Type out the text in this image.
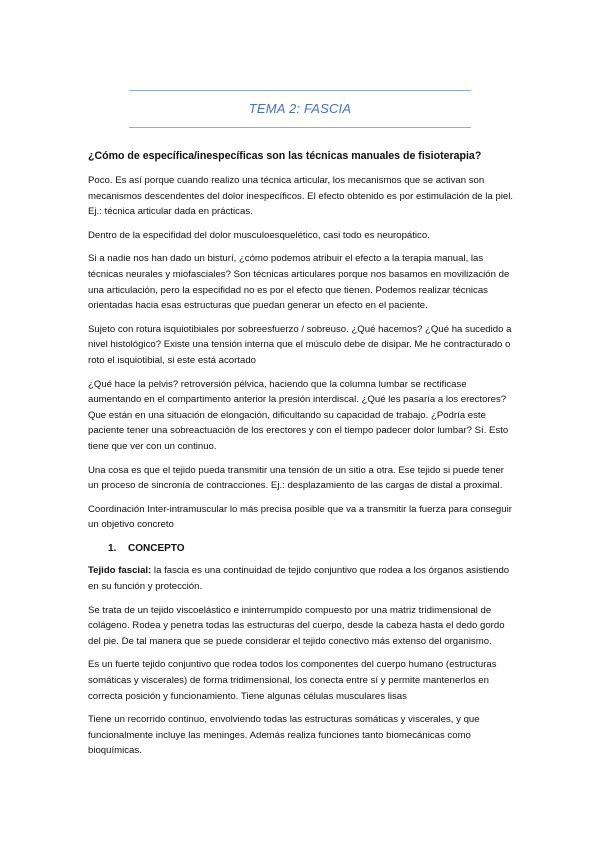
TEMA 2: FASCIA

¿Cómo de específica/inespecíficas son las técnicas manuales de fisioterapia?

Poco. Es así porque cuando realizo una técnica articular, los mecanismos que se activan son mecanismos descendentes del dolor inespecíficos. El efecto obtenido es por estimulación de la piel. Ej.: técnica articular dada en prácticas.

Dentro de la especifidad del dolor musculoesquelético, casi todo es neuropático.

Si a nadie nos han dado un bisturí, ¿cómo podemos atribuir el efecto a la terapia manual, las técnicas neurales y miofasciales? Son técnicas articulares porque nos basamos en movilización de una articulación, pero la especifidad no es por el efecto que tienen. Podemos realizar técnicas orientadas hacia esas estructuras que puedan generar un efecto en el paciente.

Sujeto con rotura isquiotibiales por sobreesfuerzo / sobreuso. ¿Qué hacemos? ¿Qué ha sucedido a nivel histológico? Existe una tensión interna que el músculo debe de disipar. Me he contracturado o roto el isquiotibial, si este está acortado

¿Qué hace la pelvis? retroversión pélvica, haciendo que la columna lumbar se rectificase aumentando en el compartimento anterior la presión interdiscal. ¿Qué les pasaría a los erectores? Que están en una situación de elongación, dificultando su capacidad de trabajo. ¿Podría este paciente tener una sobreactuación de los erectores y con el tiempo padecer dolor lumbar? Sí. Esto tiene que ver con un continuo.

Una cosa es que el tejido pueda transmitir una tensión de un sitio a otra. Ese tejido si puede tener un proceso de sincronía de contracciones. Ej.: desplazamiento de las cargas de distal a proximal.

Coordinación Inter-intramuscular lo más precisa posible que va a transmitir la fuerza para conseguir un objetivo concreto

1. CONCEPTO

Tejido fascial: la fascia es una continuidad de tejido conjuntivo que rodea a los órganos asistiendo en su función y protección.

Se trata de un tejido viscoelástico e ininterrumpido compuesto por una matriz tridimensional de colágeno. Rodea y penetra todas las estructuras del cuerpo, desde la cabeza hasta el dedo gordo del pie. De tal manera que se puede considerar el tejido conectivo más extenso del organismo.

Es un fuerte tejido conjuntivo que rodea todos los componentes del cuerpo humano (estructuras somáticas y viscerales) de forma tridimensional, los conecta entre sí y permite mantenerlos en correcta posición y funcionamiento. Tiene algunas células musculares lisas

Tiene un recorrido continuo, envolviendo todas las estructuras somáticas y viscerales, y que funcionalmente incluye las meninges. Además realiza funciones tanto biomecánicas como bioquímicas.
